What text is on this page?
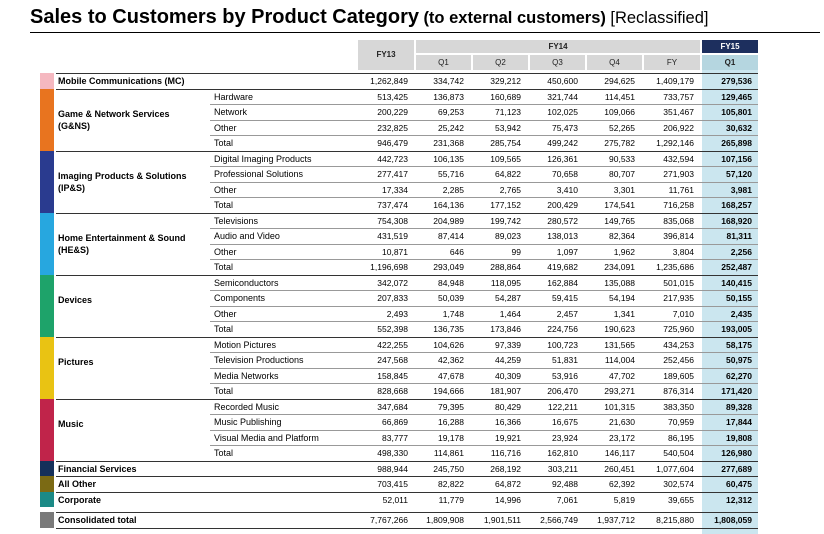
Sales to Customers by Product Category (to external customers) [Reclassified]
FY13
FY14
Q1	Q2	Q3	Q4	FY
FY15
Q1
Mobile Communications (MC)	1,262,849	334,742	329,212	450,600	294,625	1,409,179	279,536
Game & Network Services (G&NS)
Hardware	513,425	136,873	160,689	321,744	114,451	733,757	129,465
Network	200,229	69,253	71,123	102,025	109,066	351,467	105,801
Other	232,825	25,242	53,942	75,473	52,265	206,922	30,632
Total	946,479	231,368	285,754	499,242	275,782	1,292,146	265,898
Imaging Products & Solutions (IP&S)
Digital Imaging Products	442,723	106,135	109,565	126,361	90,533	432,594	107,156
Professional Solutions	277,417	55,716	64,822	70,658	80,707	271,903	57,120
Other	17,334	2,285	2,765	3,410	3,301	11,761	3,981
Total	737,474	164,136	177,152	200,429	174,541	716,258	168,257
Home Entertainment & Sound (HE&S)
Televisions	754,308	204,989	199,742	280,572	149,765	835,068	168,920
Audio and Video	431,519	87,414	89,023	138,013	82,364	396,814	81,311
Other	10,871	646	99	1,097	1,962	3,804	2,256
Total	1,196,698	293,049	288,864	419,682	234,091	1,235,686	252,487
Devices
Semiconductors	342,072	84,948	118,095	162,884	135,088	501,015	140,415
Components	207,833	50,039	54,287	59,415	54,194	217,935	50,155
Other	2,493	1,748	1,464	2,457	1,341	7,010	2,435
Total	552,398	136,735	173,846	224,756	190,623	725,960	193,005
Pictures
Motion Pictures	422,255	104,626	97,339	100,723	131,565	434,253	58,175
Television Productions	247,568	42,362	44,259	51,831	114,004	252,456	50,975
Media Networks	158,845	47,678	40,309	53,916	47,702	189,605	62,270
Total	828,668	194,666	181,907	206,470	293,271	876,314	171,420
Music
Recorded Music	347,684	79,395	80,429	122,211	101,315	383,350	89,328
Music Publishing	66,869	16,288	16,366	16,675	21,630	70,959	17,844
Visual Media and Platform	83,777	19,178	19,921	23,924	23,172	86,195	19,808
Total	498,330	114,861	116,716	162,810	146,117	540,504	126,980
Financial Services	988,944	245,750	268,192	303,211	260,451	1,077,604	277,689
All Other	703,415	82,822	64,872	92,488	62,392	302,574	60,475
Corporate	52,011	11,779	14,996	7,061	5,819	39,655	12,312
Consolidated total	7,767,266	1,809,908	1,901,511	2,566,749	1,937,712	8,215,880	1,808,059
